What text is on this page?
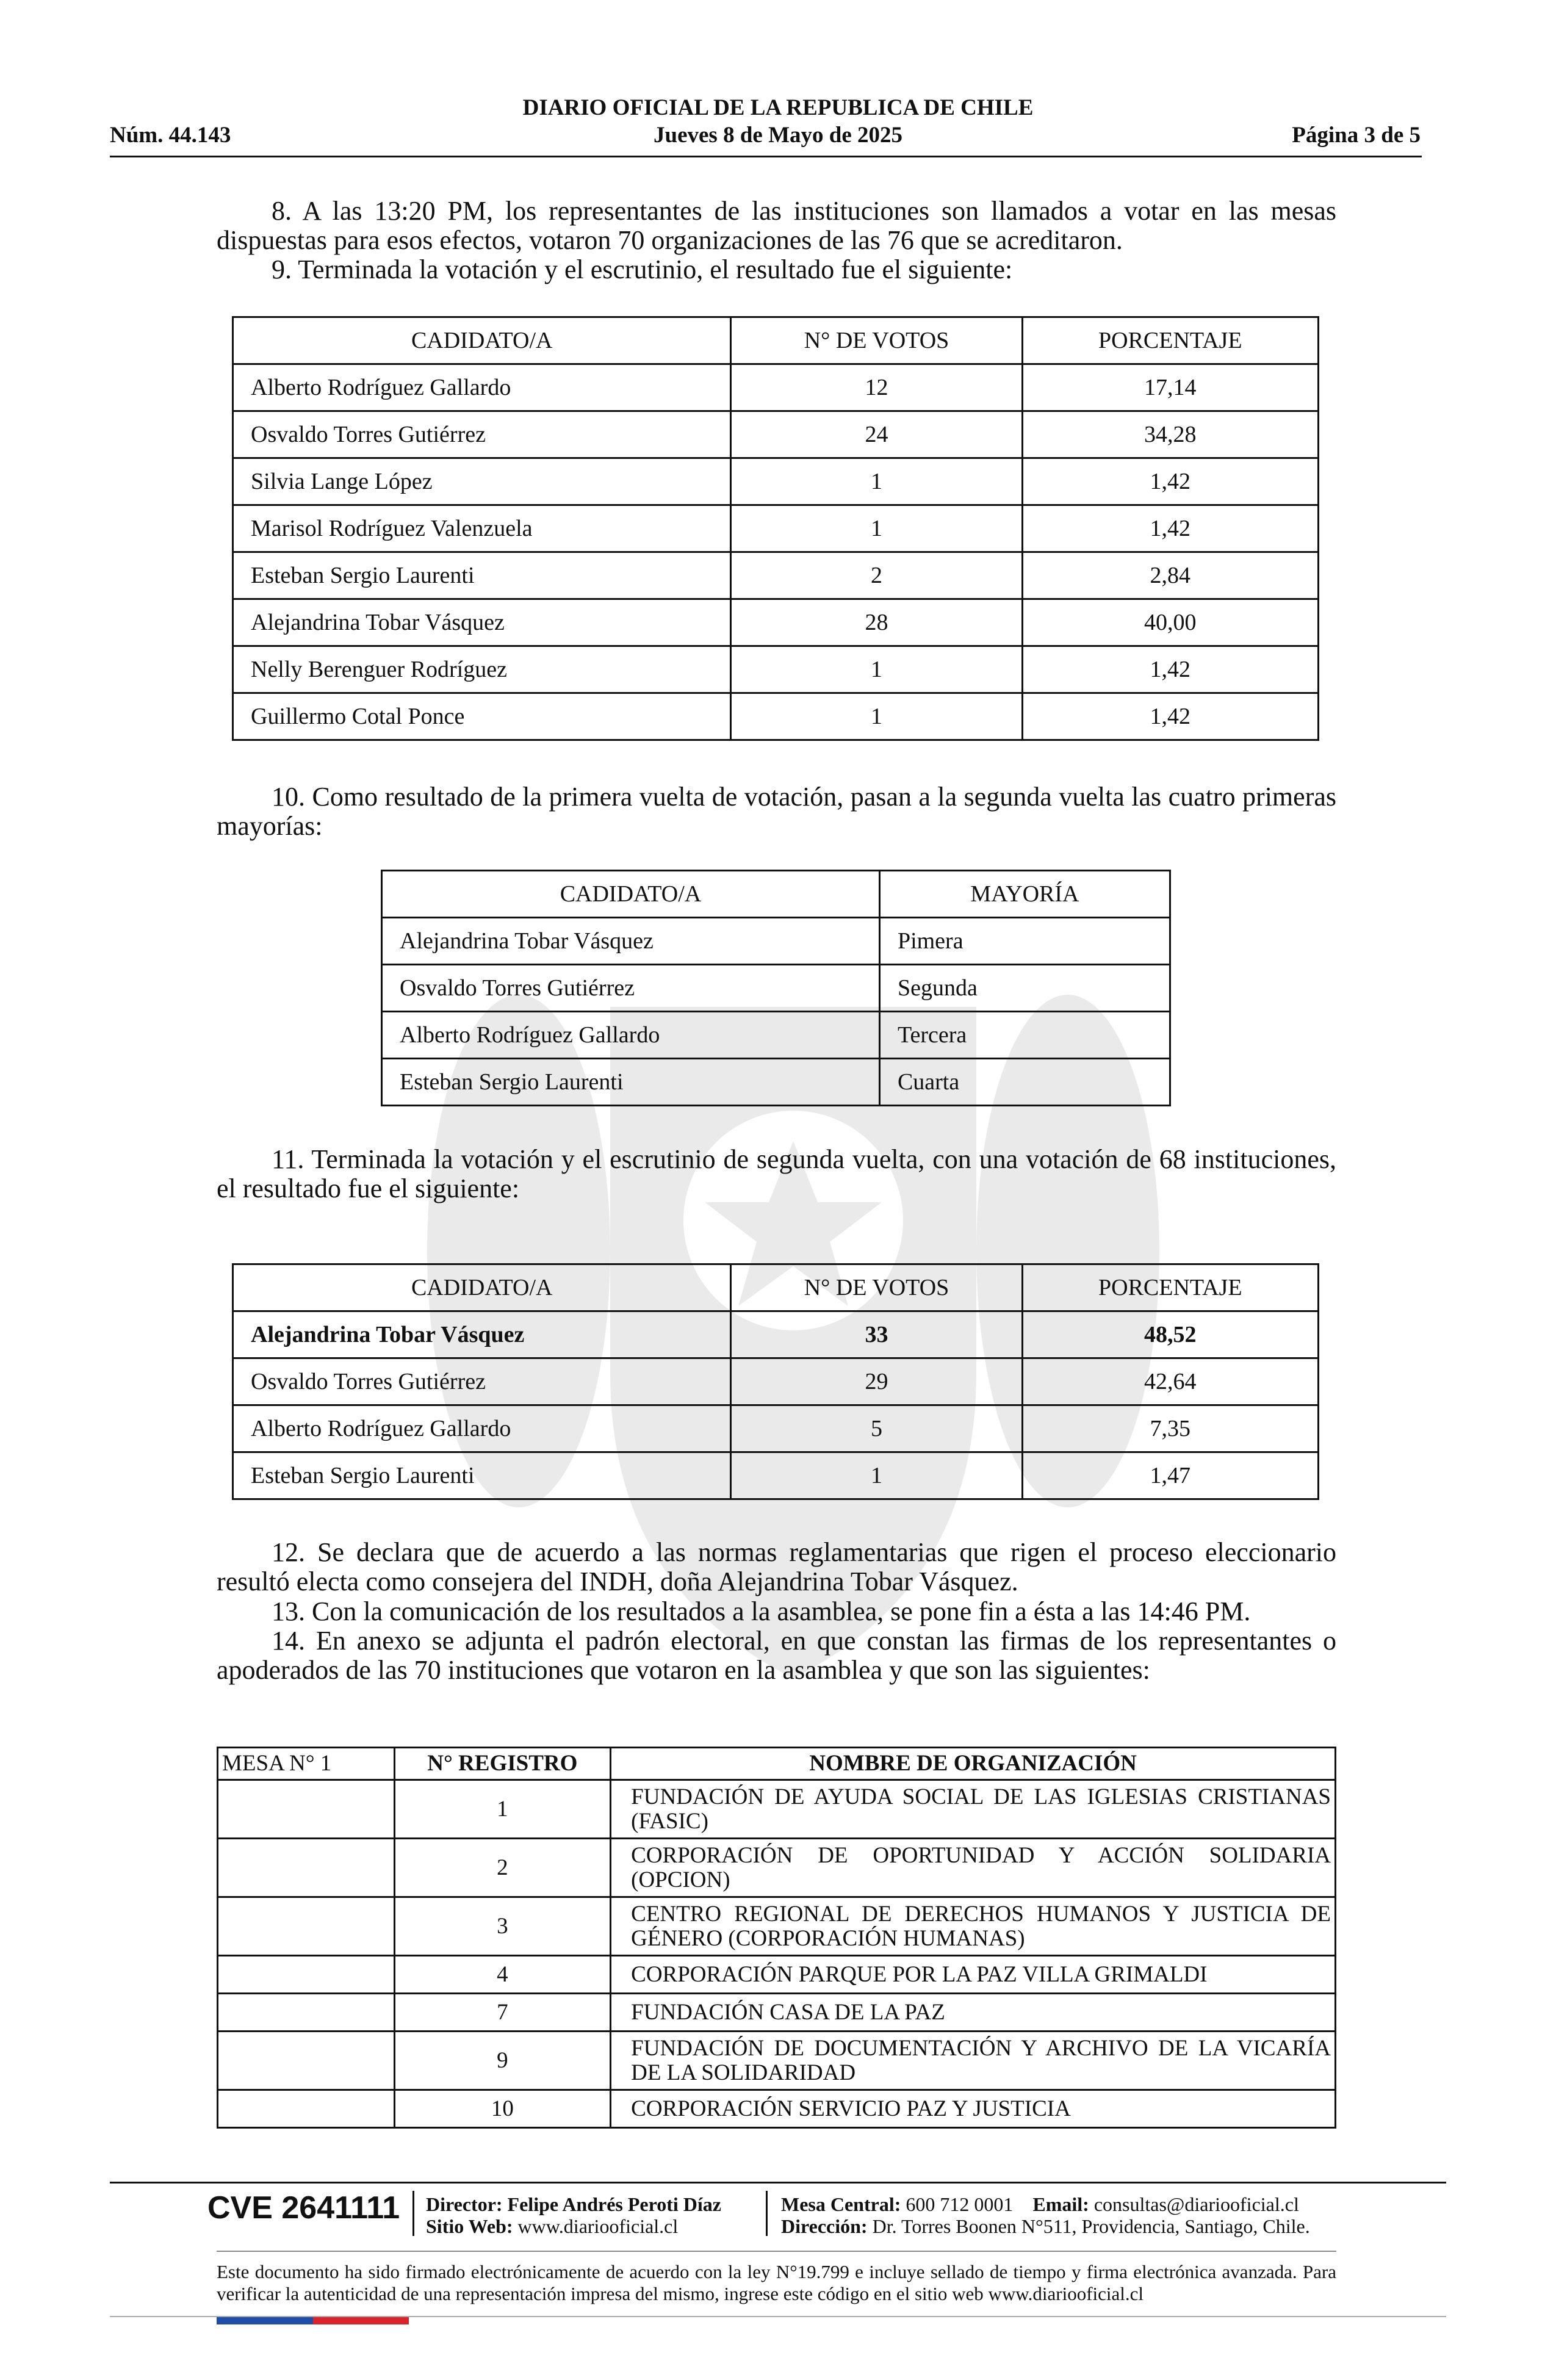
DIARIO OFICIAL DE LA REPUBLICA DE CHILE
Núm. 44.143	Jueves 8 de Mayo de 2025	Página 3 de 5
8. A las 13:20 PM, los representantes de las instituciones son llamados a votar en las mesas dispuestas para esos efectos, votaron 70 organizaciones de las 76 que se acreditaron.
9. Terminada la votación y el escrutinio, el resultado fue el siguiente:
CADIDATO/A	N° DE VOTOS	PORCENTAJE
Alberto Rodríguez Gallardo	12	17,14
Osvaldo Torres Gutiérrez	24	34,28
Silvia Lange López	1	1,42
Marisol Rodríguez Valenzuela	1	1,42
Esteban Sergio Laurenti	2	2,84
Alejandrina Tobar Vásquez	28	40,00
Nelly Berenguer Rodríguez	1	1,42
Guillermo Cotal Ponce	1	1,42
10. Como resultado de la primera vuelta de votación, pasan a la segunda vuelta las cuatro primeras mayorías:
CADIDATO/A	MAYORÍA
Alejandrina Tobar Vásquez	Pimera
Osvaldo Torres Gutiérrez	Segunda
Alberto Rodríguez Gallardo	Tercera
Esteban Sergio Laurenti	Cuarta
11. Terminada la votación y el escrutinio de segunda vuelta, con una votación de 68 instituciones, el resultado fue el siguiente:
CADIDATO/A	N° DE VOTOS	PORCENTAJE
Alejandrina Tobar Vásquez	33	48,52
Osvaldo Torres Gutiérrez	29	42,64
Alberto Rodríguez Gallardo	5	7,35
Esteban Sergio Laurenti	1	1,47
12. Se declara que de acuerdo a las normas reglamentarias que rigen el proceso eleccionario resultó electa como consejera del INDH, doña Alejandrina Tobar Vásquez.
13. Con la comunicación de los resultados a la asamblea, se pone fin a ésta a las 14:46 PM.
14. En anexo se adjunta el padrón electoral, en que constan las firmas de los representantes o apoderados de las 70 instituciones que votaron en la asamblea y que son las siguientes:
MESA N° 1	N° REGISTRO	NOMBRE DE ORGANIZACIÓN
	1	FUNDACIÓN DE AYUDA SOCIAL DE LAS IGLESIAS CRISTIANAS (FASIC)
	2	CORPORACIÓN DE OPORTUNIDAD Y ACCIÓN SOLIDARIA (OPCION)
	3	CENTRO REGIONAL DE DERECHOS HUMANOS Y JUSTICIA DE GÉNERO (CORPORACIÓN HUMANAS)
	4	CORPORACIÓN PARQUE POR LA PAZ VILLA GRIMALDI
	7	FUNDACIÓN CASA DE LA PAZ
	9	FUNDACIÓN DE DOCUMENTACIÓN Y ARCHIVO DE LA VICARÍA DE LA SOLIDARIDAD
	10	CORPORACIÓN SERVICIO PAZ Y JUSTICIA
CVE 2641111 Director: Felipe Andrés Peroti Díaz
Sitio Web: www.diariooficial.cl
Mesa Central: 600 712 0001 Email: consultas@diariooficial.cl
Dirección: Dr. Torres Boonen N°511, Providencia, Santiago, Chile.
Este documento ha sido firmado electrónicamente de acuerdo con la ley N°19.799 e incluye sellado de tiempo y firma electrónica avanzada. Para verificar la autenticidad de una representación impresa del mismo, ingrese este código en el sitio web www.diariooficial.cl
